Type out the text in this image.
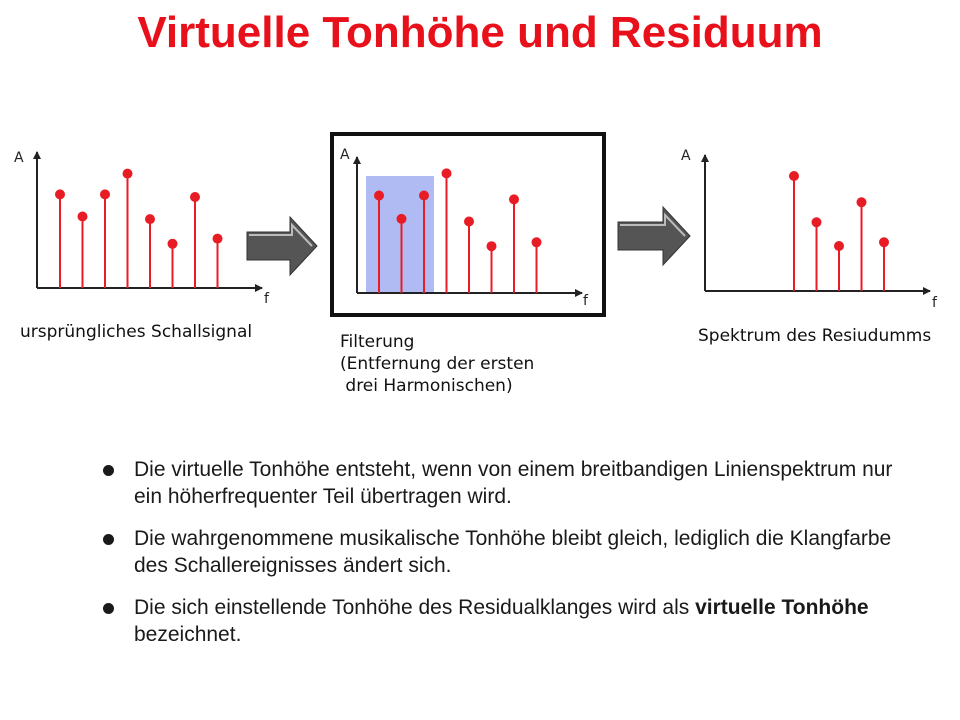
Virtuelle Tonhöhe und Residuum
A
f
A
f
A
f
ursprüngliches Schallsignal	Filterung
(Entfernung der ersten
drei Harmonischen)
Spektrum des Resiudumms
Die virtuelle Tonhöhe entsteht, wenn von einem breitbandigen Linienspektrum nur ein höherfrequenter Teil übertragen wird.
Die wahrgenommene musikalische Tonhöhe bleibt gleich, lediglich die Klangfarbe des Schallereignisses ändert sich.
Die sich einstellende Tonhöhe des Residualklanges wird als virtuelle Tonhöhe bezeichnet.
